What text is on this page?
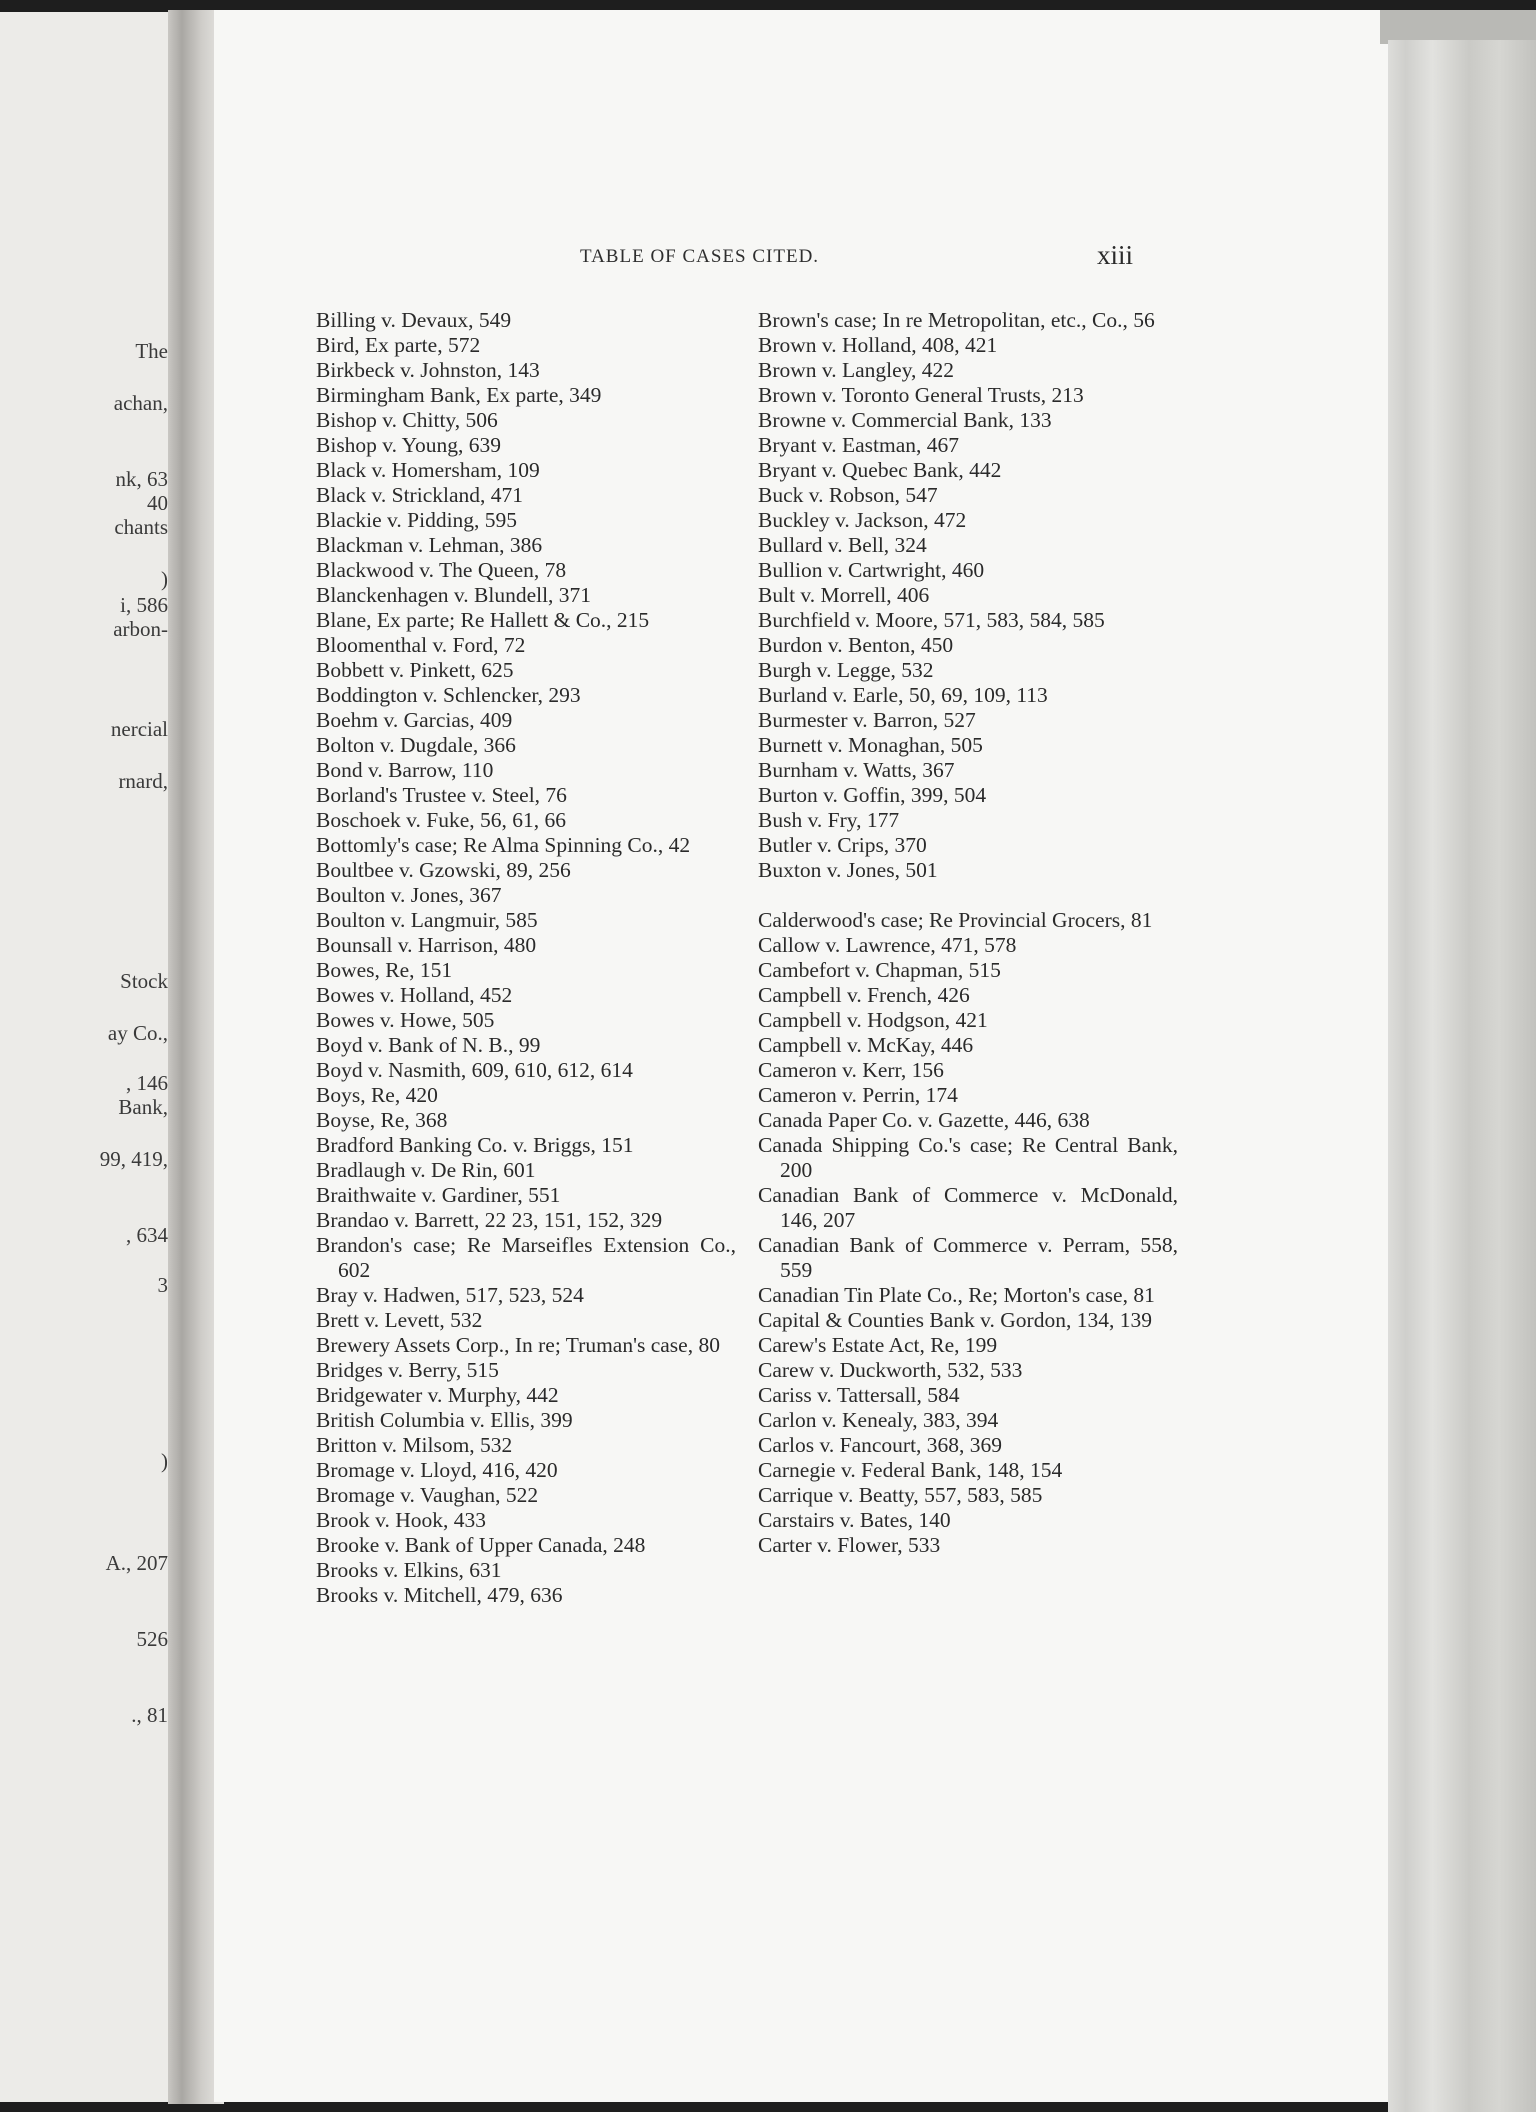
The
achan,
nk, 63
40
chants
)
i, 586
arbon-
nercial
rnard,
Stock
ay Co.,
, 146
Bank,
99, 419,
, 634
3
)
A., 207
526
., 81
TABLE OF CASES CITED.	xiii
Billing v. Devaux, 549
Bird, Ex parte, 572
Birkbeck v. Johnston, 143
Birmingham Bank, Ex parte, 349
Bishop v. Chitty, 506
Bishop v. Young, 639
Black v. Homersham, 109
Black v. Strickland, 471
Blackie v. Pidding, 595
Blackman v. Lehman, 386
Blackwood v. The Queen, 78
Blanckenhagen v. Blundell, 371
Blane, Ex parte; Re Hallett & Co., 215
Bloomenthal v. Ford, 72
Bobbett v. Pinkett, 625
Boddington v. Schlencker, 293
Boehm v. Garcias, 409
Bolton v. Dugdale, 366
Bond v. Barrow, 110
Borland's Trustee v. Steel, 76
Boschoek v. Fuke, 56, 61, 66
Bottomly's case; Re Alma Spinning Co., 42
Boultbee v. Gzowski, 89, 256
Boulton v. Jones, 367
Boulton v. Langmuir, 585
Bounsall v. Harrison, 480
Bowes, Re, 151
Bowes v. Holland, 452
Bowes v. Howe, 505
Boyd v. Bank of N. B., 99
Boyd v. Nasmith, 609, 610, 612, 614
Boys, Re, 420
Boyse, Re, 368
Bradford Banking Co. v. Briggs, 151
Bradlaugh v. De Rin, 601
Braithwaite v. Gardiner, 551
Brandao v. Barrett, 22 23, 151, 152, 329
Brandon's case; Re Marseifles Extension Co., 602
Bray v. Hadwen, 517, 523, 524
Brett v. Levett, 532
Brewery Assets Corp., In re; Truman's case, 80
Bridges v. Berry, 515
Bridgewater v. Murphy, 442
British Columbia v. Ellis, 399
Britton v. Milsom, 532
Bromage v. Lloyd, 416, 420
Bromage v. Vaughan, 522
Brook v. Hook, 433
Brooke v. Bank of Upper Canada, 248
Brooks v. Elkins, 631
Brooks v. Mitchell, 479, 636
Brown's case; In re Metropolitan, etc., Co., 56
Brown v. Holland, 408, 421
Brown v. Langley, 422
Brown v. Toronto General Trusts, 213
Browne v. Commercial Bank, 133
Bryant v. Eastman, 467
Bryant v. Quebec Bank, 442
Buck v. Robson, 547
Buckley v. Jackson, 472
Bullard v. Bell, 324
Bullion v. Cartwright, 460
Bult v. Morrell, 406
Burchfield v. Moore, 571, 583, 584, 585
Burdon v. Benton, 450
Burgh v. Legge, 532
Burland v. Earle, 50, 69, 109, 113
Burmester v. Barron, 527
Burnett v. Monaghan, 505
Burnham v. Watts, 367
Burton v. Goffin, 399, 504
Bush v. Fry, 177
Butler v. Crips, 370
Buxton v. Jones, 501
Calderwood's case; Re Provincial Grocers, 81
Callow v. Lawrence, 471, 578
Cambefort v. Chapman, 515
Campbell v. French, 426
Campbell v. Hodgson, 421
Campbell v. McKay, 446
Cameron v. Kerr, 156
Cameron v. Perrin, 174
Canada Paper Co. v. Gazette, 446, 638
Canada Shipping Co.'s case; Re Central Bank, 200
Canadian Bank of Commerce v. McDonald, 146, 207
Canadian Bank of Commerce v. Perram, 558, 559
Canadian Tin Plate Co., Re; Morton's case, 81
Capital & Counties Bank v. Gordon, 134, 139
Carew's Estate Act, Re, 199
Carew v. Duckworth, 532, 533
Cariss v. Tattersall, 584
Carlon v. Kenealy, 383, 394
Carlos v. Fancourt, 368, 369
Carnegie v. Federal Bank, 148, 154
Carrique v. Beatty, 557, 583, 585
Carstairs v. Bates, 140
Carter v. Flower, 533
